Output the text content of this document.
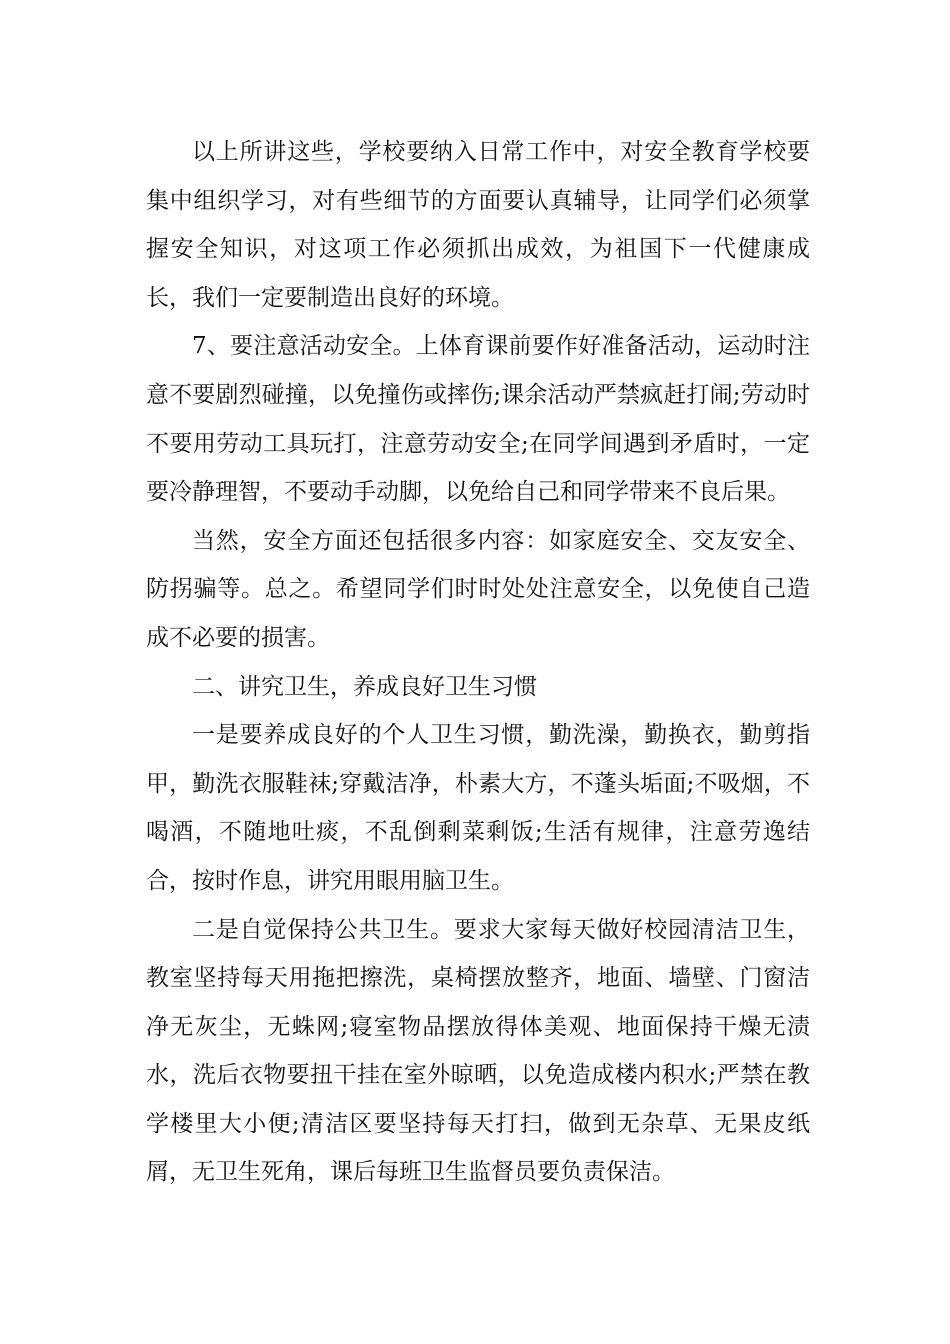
以上所讲这些，学校要纳入日常工作中，对安全教育学校要集中组织学习，对有些细节的方面要认真辅导，让同学们必须掌握安全知识，对这项工作必须抓出成效，为祖国下一代健康成长，我们一定要制造出良好的环境。

7、要注意活动安全。上体育课前要作好准备活动，运动时注意不要剧烈碰撞，以免撞伤或摔伤;课余活动严禁疯赶打闹;劳动时不要用劳动工具玩打，注意劳动安全;在同学间遇到矛盾时，一定要冷静理智，不要动手动脚，以免给自己和同学带来不良后果。

当然，安全方面还包括很多内容：如家庭安全、交友安全、防拐骗等。总之。希望同学们时时处处注意安全，以免使自己造成不必要的损害。

二、讲究卫生，养成良好卫生习惯

一是要养成良好的个人卫生习惯，勤洗澡，勤换衣，勤剪指甲，勤洗衣服鞋袜;穿戴洁净，朴素大方，不蓬头垢面;不吸烟，不喝酒，不随地吐痰，不乱倒剩菜剩饭;生活有规律，注意劳逸结合，按时作息，讲究用眼用脑卫生。

二是自觉保持公共卫生。要求大家每天做好校园清洁卫生，教室坚持每天用拖把擦洗，桌椅摆放整齐，地面、墙壁、门窗洁净无灰尘，无蛛网;寝室物品摆放得体美观、地面保持干燥无渍水，洗后衣物要扭干挂在室外晾晒，以免造成楼内积水;严禁在教学楼里大小便;清洁区要坚持每天打扫，做到无杂草、无果皮纸屑，无卫生死角，课后每班卫生监督员要负责保洁。
